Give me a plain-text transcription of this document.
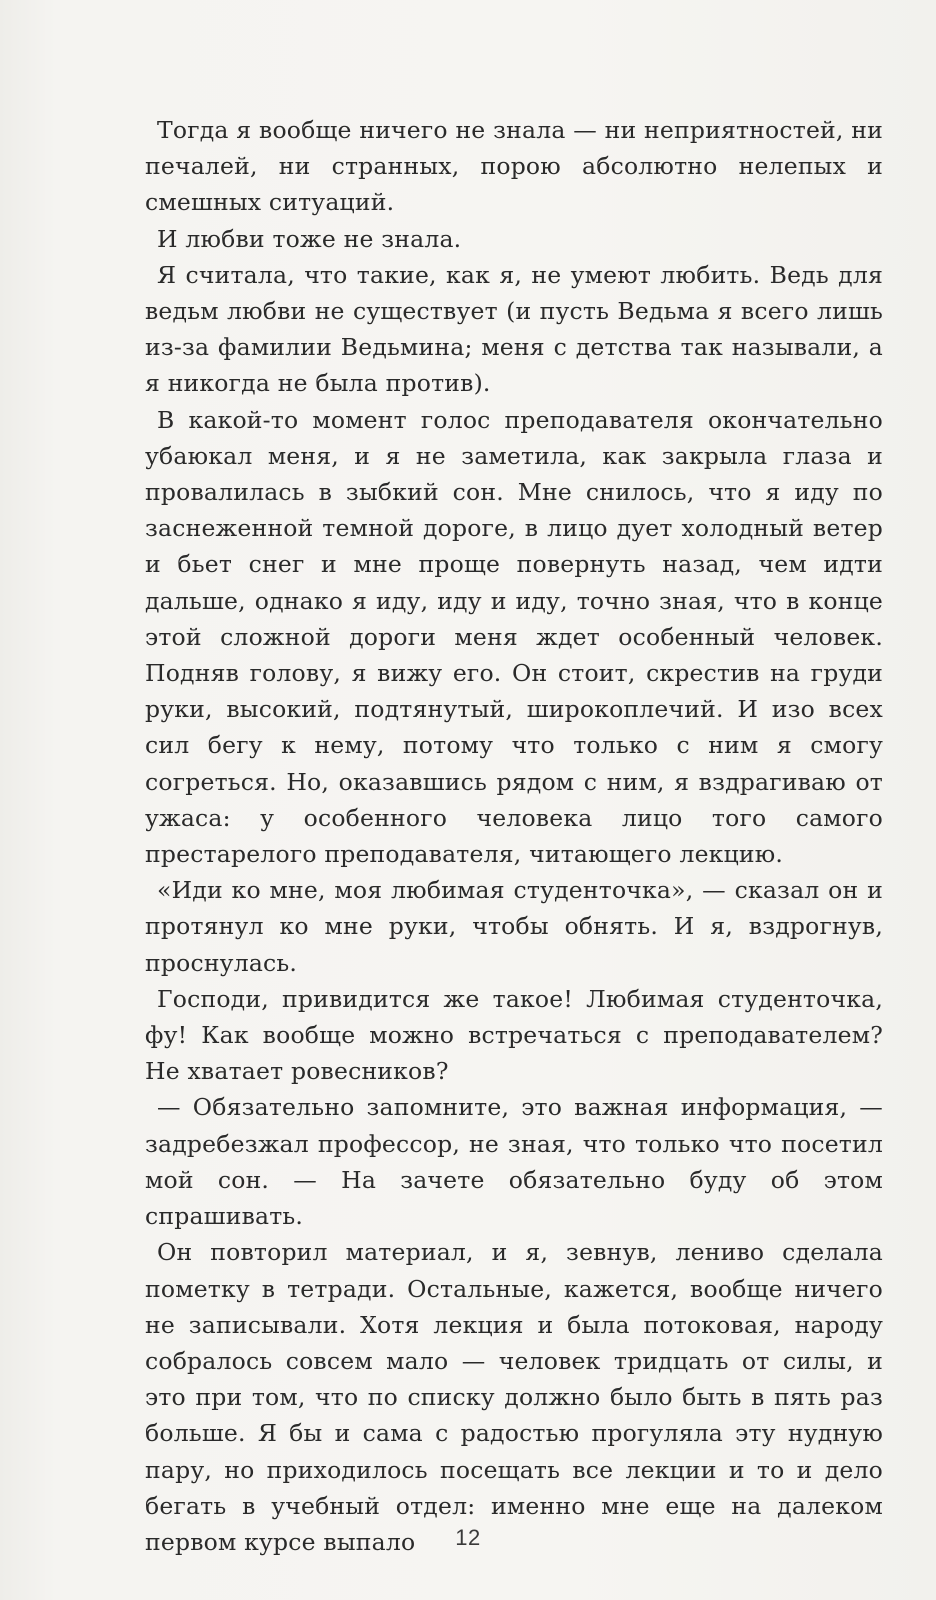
Тогда я вообще ничего не знала — ни неприятностей, ни печалей, ни странных, порою абсолютно нелепых и смешных ситуаций.

И любви тоже не знала.

Я считала, что такие, как я, не умеют любить. Ведь для ведьм любви не существует (и пусть Ведьма я всего лишь из-за фамилии Ведьмина; меня с детства так называли, а я никогда не была против).

В какой-то момент голос преподавателя окончательно убаюкал меня, и я не заметила, как закрыла глаза и провалилась в зыбкий сон. Мне снилось, что я иду по заснеженной темной дороге, в лицо дует холодный ветер и бьет снег и мне проще повернуть назад, чем идти дальше, однако я иду, иду и иду, точно зная, что в конце этой сложной дороги меня ждет особенный человек. Подняв голову, я вижу его. Он стоит, скрестив на груди руки, высокий, подтянутый, широкоплечий. И изо всех сил бегу к нему, потому что только с ним я смогу согреться. Но, оказавшись рядом с ним, я вздрагиваю от ужаса: у особенного человека лицо того самого престарелого преподавателя, читающего лекцию.

«Иди ко мне, моя любимая студенточка», — сказал он и протянул ко мне руки, чтобы обнять. И я, вздрогнув, проснулась.

Господи, привидится же такое! Любимая студенточка, фу! Как вообще можно встречаться с преподавателем? Не хватает ровесников?

— Обязательно запомните, это важная информация, — задребезжал профессор, не зная, что только что посетил мой сон. — На зачете обязательно буду об этом спрашивать.

Он повторил материал, и я, зевнув, лениво сделала пометку в тетради. Остальные, кажется, вообще ничего не записывали. Хотя лекция и была потоковая, народу собралось совсем мало — человек тридцать от силы, и это при том, что по списку должно было быть в пять раз больше. Я бы и сама с радостью прогуляла эту нудную пару, но приходилось посещать все лекции и то и дело бегать в учебный отдел: именно мне еще на далеком первом курсе выпало	12
